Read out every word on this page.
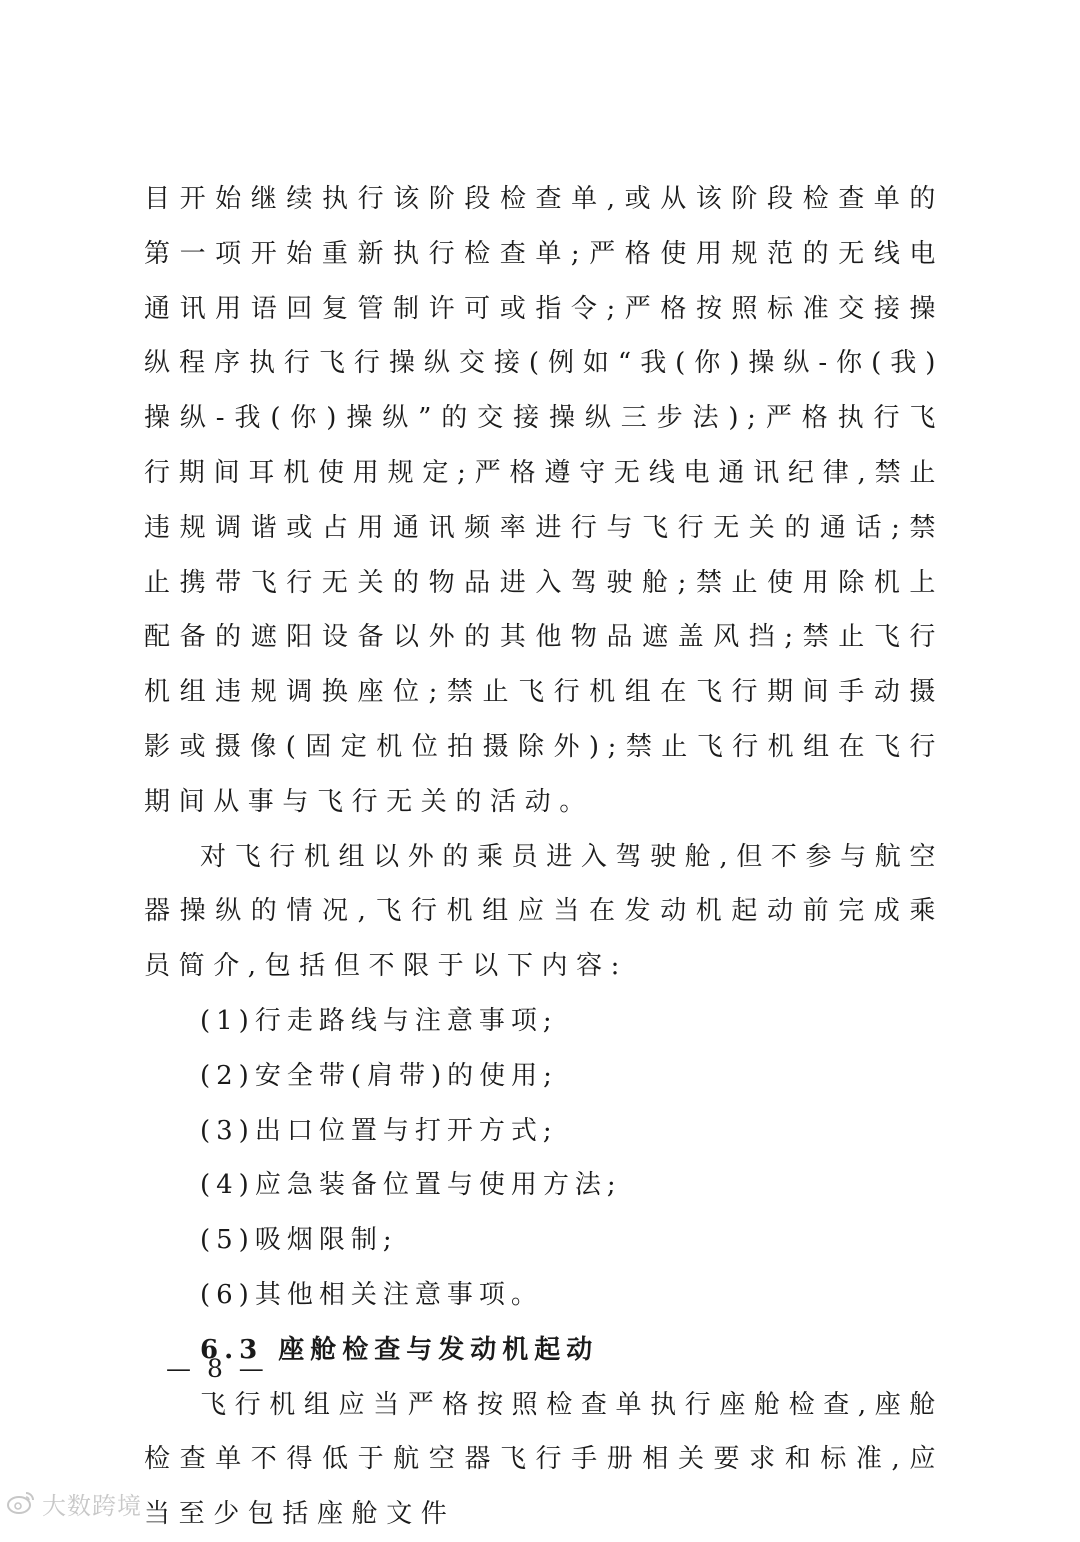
目开始继续执行该阶段检查单,或从该阶段检查单的第一项开始重新执行检查单;严格使用规范的无线电通讯用语回复管制许可或指令;严格按照标准交接操纵程序执行飞行操纵交接(例如“我(你)操纵-你(我)操纵-我(你)操纵”的交接操纵三步法);严格执行飞行期间耳机使用规定;严格遵守无线电通讯纪律,禁止违规调谐或占用通讯频率进行与飞行无关的通话;禁止携带飞行无关的物品进入驾驶舱;禁止使用除机上配备的遮阳设备以外的其他物品遮盖风挡;禁止飞行机组违规调换座位;禁止飞行机组在飞行期间手动摄影或摄像(固定机位拍摄除外);禁止飞行机组在飞行期间从事与飞行无关的活动。

对飞行机组以外的乘员进入驾驶舱,但不参与航空器操纵的情况,飞行机组应当在发动机起动前完成乘员简介,包括但不限于以下内容:

(1)行走路线与注意事项;

(2)安全带(肩带)的使用;

(3)出口位置与打开方式;

(4)应急装备位置与使用方法;

(5)吸烟限制;

(6)其他相关注意事项。

6.3 座舱检查与发动机起动

飞行机组应当严格按照检查单执行座舱检查,座舱检查单不得低于航空器飞行手册相关要求和标准,应当至少包括座舱文件

— 8 —
大数跨境
